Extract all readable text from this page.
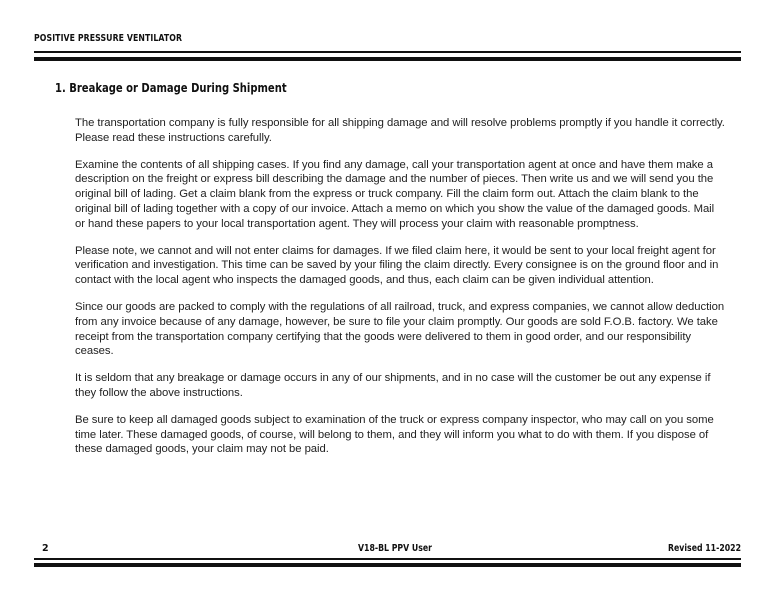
POSITIVE PRESSURE VENTILATOR
1. Breakage or Damage During Shipment

The transportation company is fully responsible for all shipping damage and will resolve problems promptly if you handle it correctly. Please read these instructions carefully.

Examine the contents of all shipping cases. If you find any damage, call your transportation agent at once and have them make a description on the freight or express bill describing the damage and the number of pieces. Then write us and we will send you the original bill of lading. Get a claim blank from the express or truck company. Fill the claim form out. Attach the claim blank to the original bill of lading together with a copy of our invoice. Attach a memo on which you show the value of the damaged goods. Mail or hand these papers to your local transportation agent. They will process your claim with reasonable promptness.

Please note, we cannot and will not enter claims for damages. If we filed claim here, it would be sent to your local freight agent for verification and investigation. This time can be saved by your filing the claim directly. Every consignee is on the ground floor and in contact with the local agent who inspects the damaged goods, and thus, each claim can be given individual attention.

Since our goods are packed to comply with the regulations of all railroad, truck, and express companies, we cannot allow deduction from any invoice because of any damage, however, be sure to file your claim promptly. Our goods are sold F.O.B. factory. We take receipt from the transportation company certifying that the goods were delivered to them in good order, and our responsibility ceases.

It is seldom that any breakage or damage occurs in any of our shipments, and in no case will the customer be out any expense if they follow the above instructions.

Be sure to keep all damaged goods subject to examination of the truck or express company inspector, who may call on you some time later. These damaged goods, of course, will belong to them, and they will inform you what to do with them. If you dispose of these damaged goods, your claim may not be paid.

2	V18-BL PPV User	Revised 11-2022
